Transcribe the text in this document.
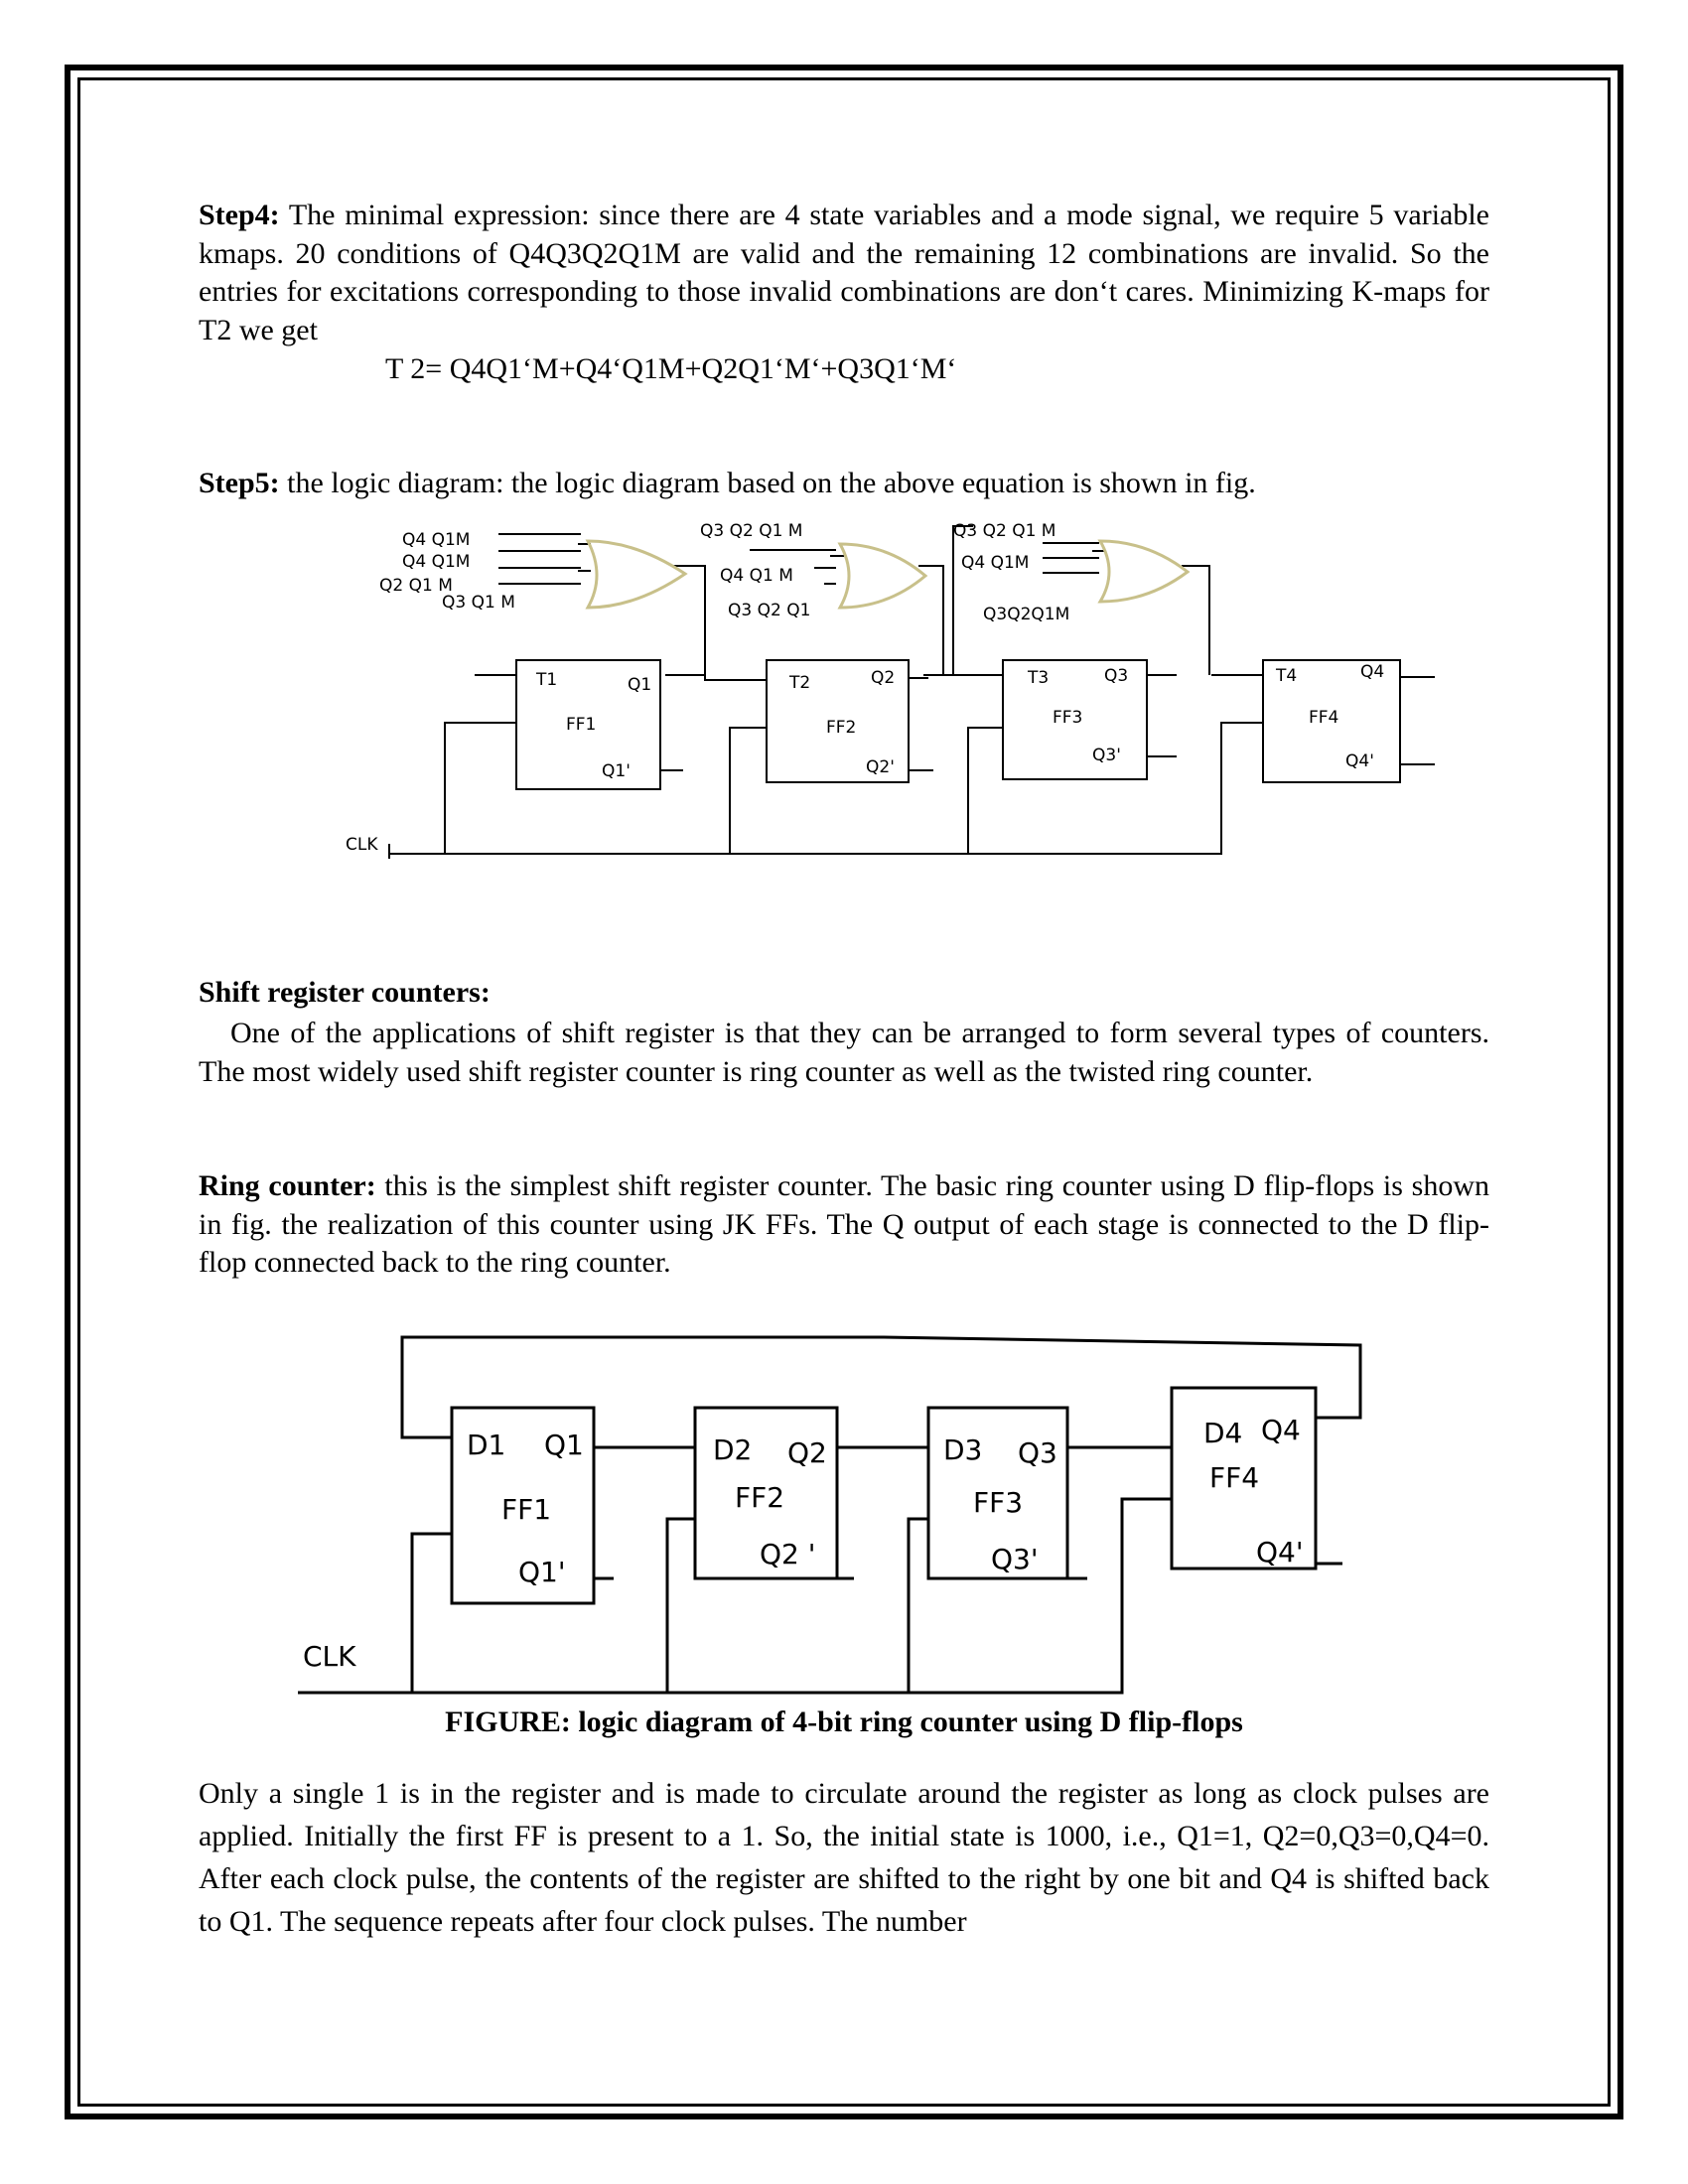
Step4: The minimal expression: since there are 4 state variables and a mode signal, we require 5 variable kmaps. 20 conditions of Q4Q3Q2Q1M are valid and the remaining 12 combinations are invalid. So the entries for excitations corresponding to those invalid combinations are don‘t cares. Minimizing K-maps for T2 we get

T 2= Q4Q1‘M+Q4‘Q1M+Q2Q1‘M‘+Q3Q1‘M‘

Step5: the logic diagram: the logic diagram based on the above equation is shown in fig.

Q4 Q1M
Q4 Q1M
Q2 Q1 M
Q3 Q1 M
Q3 Q2 Q1 M
Q4 Q1 M
Q3 Q2 Q1
Q3 Q2 Q1 M
Q4 Q1M
Q3Q2Q1M
T1
FF1
Q1
Q1'
T2
FF2
Q2
Q2'
T3
FF3
Q3
Q3'
T4
FF4
Q4
Q4'
CLK

Shift register counters:

One of the applications of shift register is that they can be arranged to form several types of counters. The most widely used shift register counter is ring counter as well as the twisted ring counter.

Ring counter: this is the simplest shift register counter. The basic ring counter using D flip-flops is shown in fig. the realization of this counter using JK FFs. The Q output of each stage is connected to the D flip-flop connected back to the ring counter.

D1 Q1
FF1
Q1'
D2 Q2
FF2
Q2 '
D3 Q3
FF3
Q3'
D4 Q4
FF4
Q4'
CLK

FIGURE: logic diagram of 4-bit ring counter using D flip-flops

Only a single 1 is in the register and is made to circulate around the register as long as clock pulses are applied. Initially the first FF is present to a 1. So, the initial state is 1000, i.e., Q1=1, Q2=0,Q3=0,Q4=0. After each clock pulse, the contents of the register are shifted to the right by one bit and Q4 is shifted back to Q1. The sequence repeats after four clock pulses. The number
